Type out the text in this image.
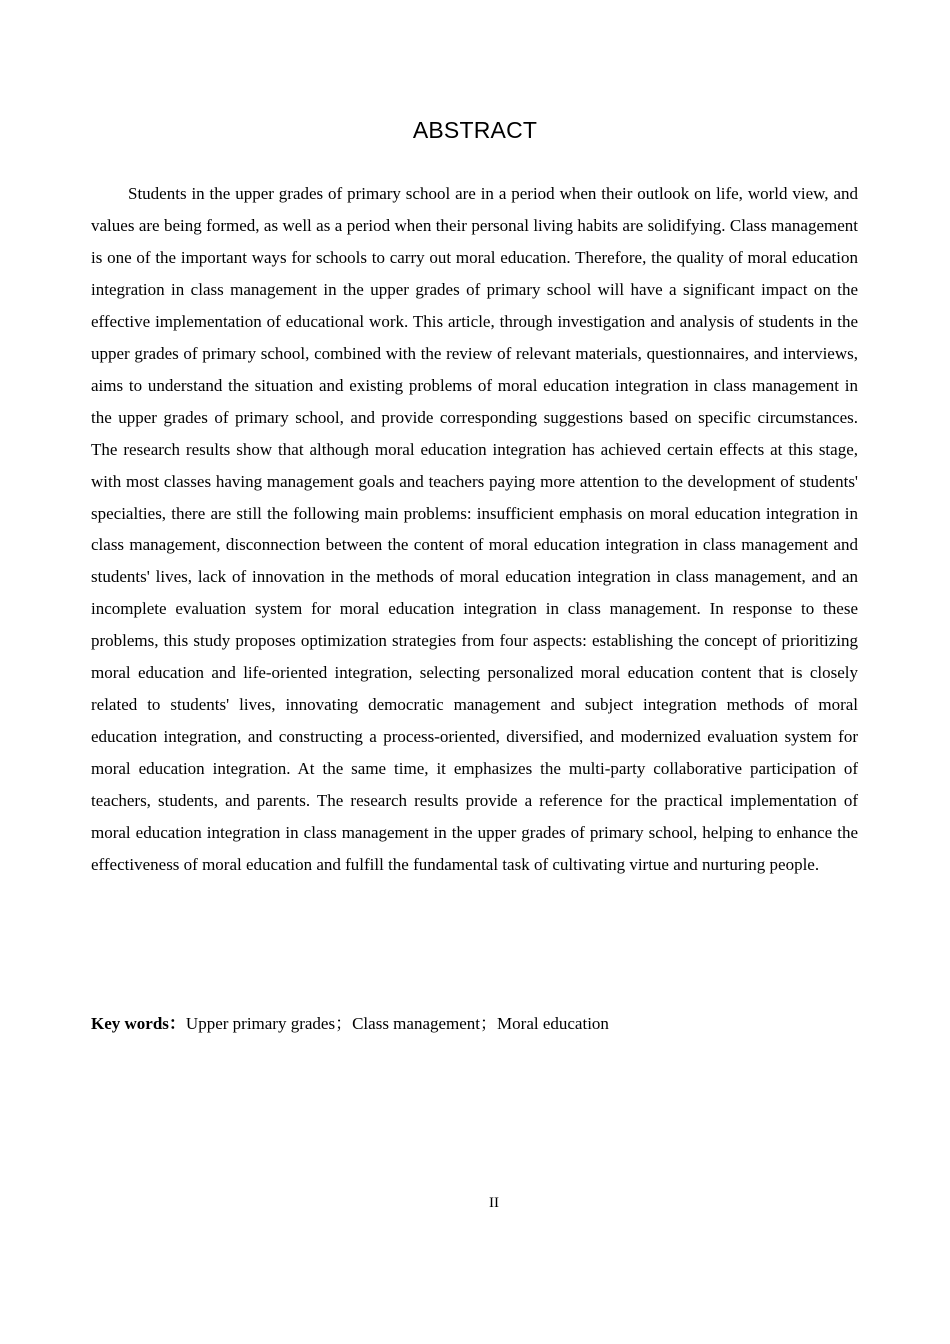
ABSTRACT

Students in the upper grades of primary school are in a period when their outlook on life, world view, and values are being formed, as well as a period when their personal living habits are solidifying. Class management is one of the important ways for schools to carry out moral education. Therefore, the quality of moral education integration in class management in the upper grades of primary school will have a significant impact on the effective implementation of educational work. This article, through investigation and analysis of students in the upper grades of primary school, combined with the review of relevant materials, questionnaires, and interviews, aims to understand the situation and existing problems of moral education integration in class management in the upper grades of primary school, and provide corresponding suggestions based on specific circumstances. The research results show that although moral education integration has achieved certain effects at this stage, with most classes having management goals and teachers paying more attention to the development of students' specialties, there are still the following main problems: insufficient emphasis on moral education integration in class management, disconnection between the content of moral education integration in class management and students' lives, lack of innovation in the methods of moral education integration in class management, and an incomplete evaluation system for moral education integration in class management. In response to these problems, this study proposes optimization strategies from four aspects: establishing the concept of prioritizing moral education and life-oriented integration, selecting personalized moral education content that is closely related to students' lives, innovating democratic management and subject integration methods of moral education integration, and constructing a process-oriented, diversified, and modernized evaluation system for moral education integration. At the same time, it emphasizes the multi-party collaborative participation of teachers, students, and parents. The research results provide a reference for the practical implementation of moral education integration in class management in the upper grades of primary school, helping to enhance the effectiveness of moral education and fulfill the fundamental task of cultivating virtue and nurturing people.

Key words：Upper primary grades；Class management；Moral education
II
